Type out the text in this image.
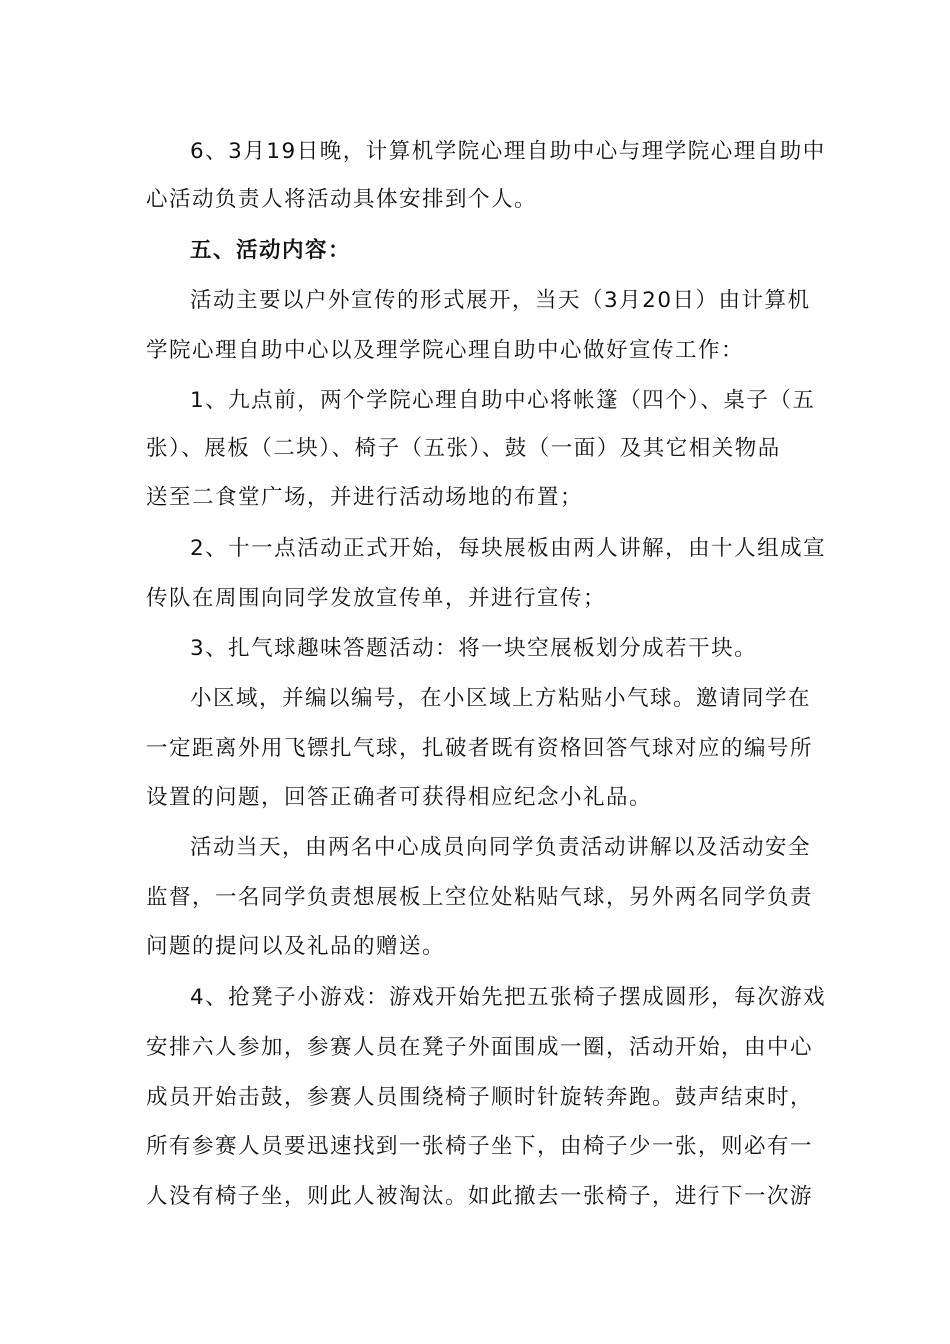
6、3月19日晚，计算机学院心理自助中心与理学院心理自助中
心活动负责人将活动具体安排到个人。
五、活动内容：
活动主要以户外宣传的形式展开，当天（3月20日）由计算机
学院心理自助中心以及理学院心理自助中心做好宣传工作：
1、九点前，两个学院心理自助中心将帐篷（四个）、桌子（五
张）、展板（二块）、椅子（五张）、鼓（一面）及其它相关物品
送至二食堂广场，并进行活动场地的布置；
2、十一点活动正式开始，每块展板由两人讲解，由十人组成宣
传队在周围向同学发放宣传单，并进行宣传；
3、扎气球趣味答题活动：将一块空展板划分成若干块。
小区域，并编以编号，在小区域上方粘贴小气球。邀请同学在
一定距离外用飞镖扎气球，扎破者既有资格回答气球对应的编号所
设置的问题，回答正确者可获得相应纪念小礼品。
活动当天，由两名中心成员向同学负责活动讲解以及活动安全
监督，一名同学负责想展板上空位处粘贴气球，另外两名同学负责
问题的提问以及礼品的赠送。
4、抢凳子小游戏：游戏开始先把五张椅子摆成圆形，每次游戏
安排六人参加，参赛人员在凳子外面围成一圈，活动开始，由中心
成员开始击鼓，参赛人员围绕椅子顺时针旋转奔跑。鼓声结束时，
所有参赛人员要迅速找到一张椅子坐下，由椅子少一张，则必有一
人没有椅子坐，则此人被淘汰。如此撤去一张椅子，进行下一次游
